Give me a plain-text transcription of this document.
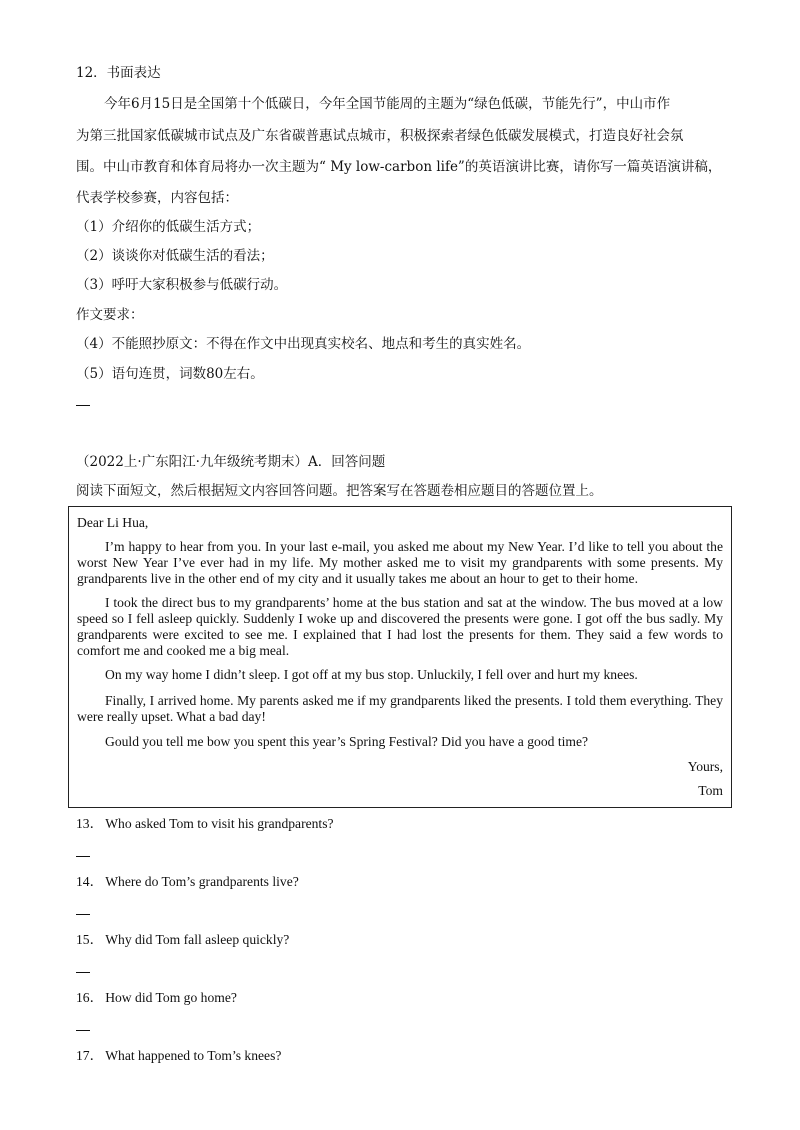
12．书面表达
今年6月15日是全国第十个低碳日，今年全国节能周的主题为“绿色低碳，节能先行”，中山市作
为第三批国家低碳城市试点及广东省碳普惠试点城市，积极探索者绿色低碳发展模式，打造良好社会氛
围。中山市教育和体育局将办一次主题为“ My low-carbon life”的英语演讲比赛，请你写一篇英语演讲稿，
代表学校参赛，内容包括：
（1）介绍你的低碳生活方式；
（2）谈谈你对低碳生活的看法；
（3）呼吁大家积极参与低碳行动。
作文要求：
（4）不能照抄原文：不得在作文中出现真实校名、地点和考生的真实姓名。
（5）语句连贯，词数80左右。
（2022上·广东阳江·九年级统考期末）A．回答问题
阅读下面短文，然后根据短文内容回答问题。把答案写在答题卷相应题目的答题位置上。
Dear Li Hua,
I’m happy to hear from you. In your last e-mail, you asked me about my New Year. I’d like to tell you about the worst New Year I’ve ever had in my life. My mother asked me to visit my grandparents with some presents. My grandparents live in the other end of my city and it usually takes me about an hour to get to their home.
I took the direct bus to my grandparents’ home at the bus station and sat at the window. The bus moved at a low speed so I fell asleep quickly. Suddenly I woke up and discovered the presents were gone. I got off the bus sadly. My grandparents were excited to see me. I explained that I had lost the presents for them. They said a few words to comfort me and cooked me a big meal.
On my way home I didn’t sleep. I got off at my bus stop. Unluckily, I fell over and hurt my knees.
Finally, I arrived home. My parents asked me if my grandparents liked the presents. I told them everything. They were really upset. What a bad day!
Gould you tell me bow you spent this year’s Spring Festival? Did you have a good time?
Yours,
Tom
13． Who asked Tom to visit his grandparents?
14． Where do Tom’s grandparents live?
15． Why did Tom fall asleep quickly?
16． How did Tom go home?
17． What happened to Tom’s knees?
